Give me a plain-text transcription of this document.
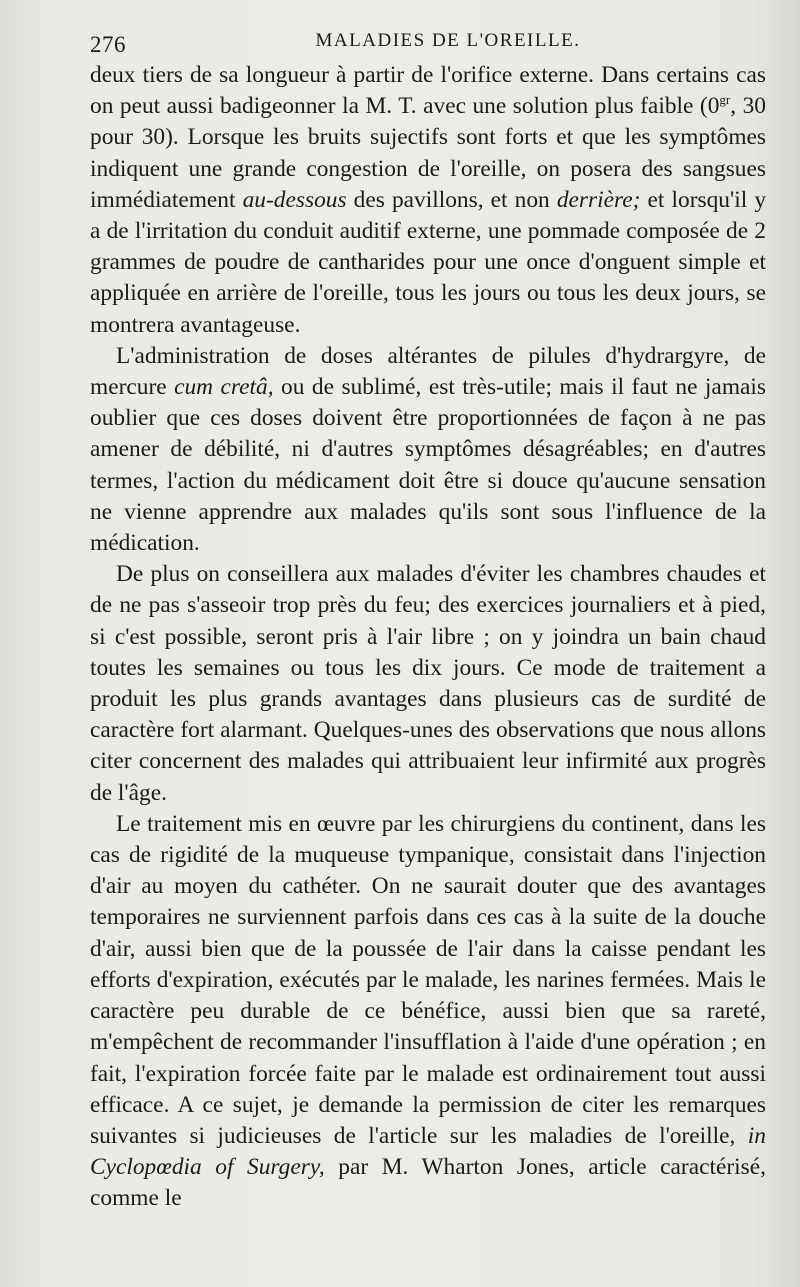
276	MALADIES DE L'OREILLE.

deux tiers de sa longueur à partir de l'orifice externe. Dans certains cas on peut aussi badigeonner la M. T. avec une solution plus faible ($0^{gr}$, 30 pour 30). Lorsque les bruits sujectifs sont forts et que les symptômes indiquent une grande congestion de l'oreille, on posera des sangsues immédiatement au-dessous des pavillons, et non derrière; et lorsqu'il y a de l'irritation du conduit auditif externe, une pommade composée de 2 grammes de poudre de cantharides pour une once d'onguent simple et appliquée en arrière de l'oreille, tous les jours ou tous les deux jours, se montrera avantageuse.

L'administration de doses altérantes de pilules d'hydrargyre, de mercure cum cretâ, ou de sublimé, est très-utile; mais il faut ne jamais oublier que ces doses doivent être proportionnées de façon à ne pas amener de débilité, ni d'autres symptômes désagréables; en d'autres termes, l'action du médicament doit être si douce qu'aucune sensation ne vienne apprendre aux malades qu'ils sont sous l'influence de la médication.

De plus on conseillera aux malades d'éviter les chambres chaudes et de ne pas s'asseoir trop près du feu; des exercices journaliers et à pied, si c'est possible, seront pris à l'air libre ; on y joindra un bain chaud toutes les semaines ou tous les dix jours. Ce mode de traitement a produit les plus grands avantages dans plusieurs cas de surdité de caractère fort alarmant. Quelques-unes des observations que nous allons citer concernent des malades qui attribuaient leur infirmité aux progrès de l'âge.

Le traitement mis en œuvre par les chirurgiens du continent, dans les cas de rigidité de la muqueuse tympanique, consistait dans l'injection d'air au moyen du cathéter. On ne saurait douter que des avantages temporaires ne surviennent parfois dans ces cas à la suite de la douche d'air, aussi bien que de la poussée de l'air dans la caisse pendant les efforts d'expiration, exécutés par le malade, les narines fermées. Mais le caractère peu durable de ce bénéfice, aussi bien que sa rareté, m'empêchent de recommander l'insufflation à l'aide d'une opération ; en fait, l'expiration forcée faite par le malade est ordinairement tout aussi efficace. A ce sujet, je demande la permission de citer les remarques suivantes si judicieuses de l'article sur les maladies de l'oreille, in Cyclopœdia of Surgery, par M. Wharton Jones, article caractérisé, comme le
